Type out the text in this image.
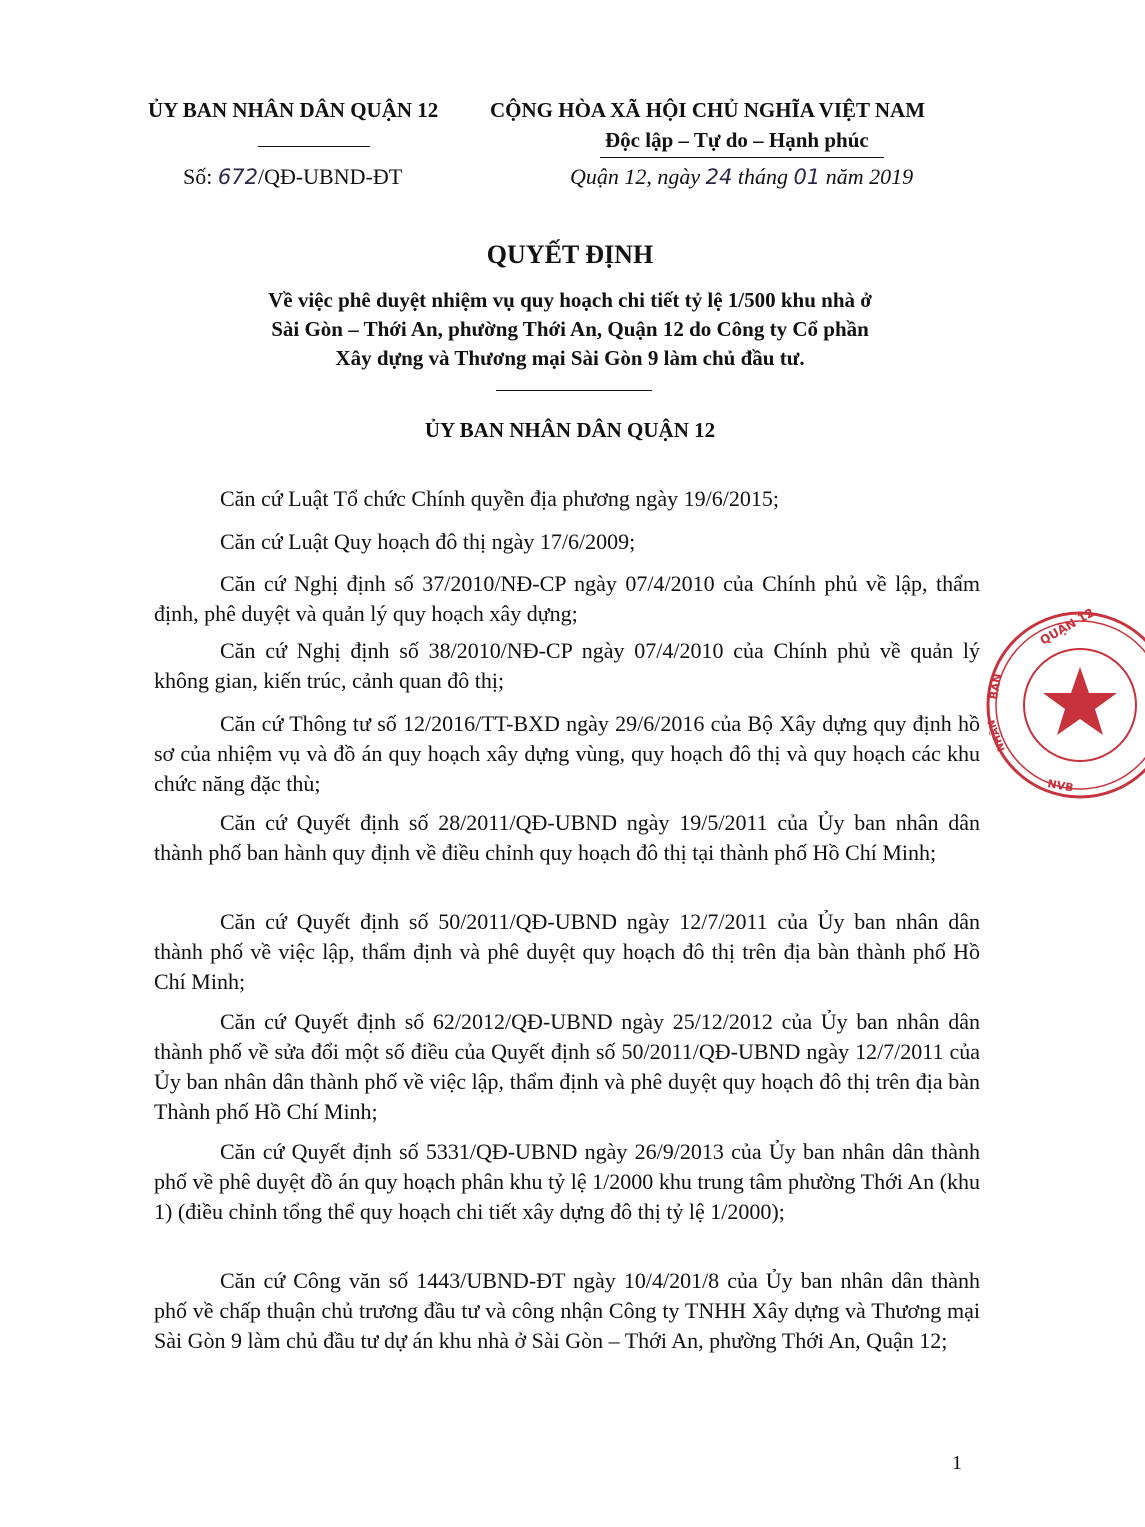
ỦY BAN NHÂN DÂN QUẬN 12 CỘNG HÒA XÃ HỘI CHỦ NGHĨA VIỆT NAM
Độc lập – Tự do – Hạnh phúc
Số: 672/QĐ-UBND-ĐT	Quận 12, ngày 24 tháng 01 năm 2019
QUYẾT ĐỊNH
Về việc phê duyệt nhiệm vụ quy hoạch chi tiết tỷ lệ 1/500 khu nhà ở
Sài Gòn – Thới An, phường Thới An, Quận 12 do Công ty Cổ phần
Xây dựng và Thương mại Sài Gòn 9 làm chủ đầu tư.
ỦY BAN NHÂN DÂN QUẬN 12
Căn cứ Luật Tổ chức Chính quyền địa phương ngày 19/6/2015;
Căn cứ Luật Quy hoạch đô thị ngày 17/6/2009;
Căn cứ Nghị định số 37/2010/NĐ-CP ngày 07/4/2010 của Chính phủ về lập, thẩm định, phê duyệt và quản lý quy hoạch xây dựng;
Căn cứ Nghị định số 38/2010/NĐ-CP ngày 07/4/2010 của Chính phủ về quản lý không gian, kiến trúc, cảnh quan đô thị;
Căn cứ Thông tư số 12/2016/TT-BXD ngày 29/6/2016 của Bộ Xây dựng quy định hồ sơ của nhiệm vụ và đồ án quy hoạch xây dựng vùng, quy hoạch đô thị và quy hoạch các khu chức năng đặc thù;
Căn cứ Quyết định số 28/2011/QĐ-UBND ngày 19/5/2011 của Ủy ban nhân dân thành phố ban hành quy định về điều chỉnh quy hoạch đô thị tại thành phố Hồ Chí Minh;
Căn cứ Quyết định số 50/2011/QĐ-UBND ngày 12/7/2011 của Ủy ban nhân dân thành phố về việc lập, thẩm định và phê duyệt quy hoạch đô thị trên địa bàn thành phố Hồ Chí Minh;
Căn cứ Quyết định số 62/2012/QĐ-UBND ngày 25/12/2012 của Ủy ban nhân dân thành phố về sửa đổi một số điều của Quyết định số 50/2011/QĐ-UBND ngày 12/7/2011 của Ủy ban nhân dân thành phố về việc lập, thẩm định và phê duyệt quy hoạch đô thị trên địa bàn Thành phố Hồ Chí Minh;
Căn cứ Quyết định số 5331/QĐ-UBND ngày 26/9/2013 của Ủy ban nhân dân thành phố về phê duyệt đồ án quy hoạch phân khu tỷ lệ 1/2000 khu trung tâm phường Thới An (khu 1) (điều chỉnh tổng thể quy hoạch chi tiết xây dựng đô thị tỷ lệ 1/2000);
Căn cứ Công văn số 1443/UBND-ĐT ngày 10/4/201/8 của Ủy ban nhân dân thành phố về chấp thuận chủ trương đầu tư và công nhận Công ty TNHH Xây dựng và Thương mại Sài Gòn 9 làm chủ đầu tư dự án khu nhà ở Sài Gòn – Thới An, phường Thới An, Quận 12;
1
QUẬN 12
BAN
NHÂN
NVB
